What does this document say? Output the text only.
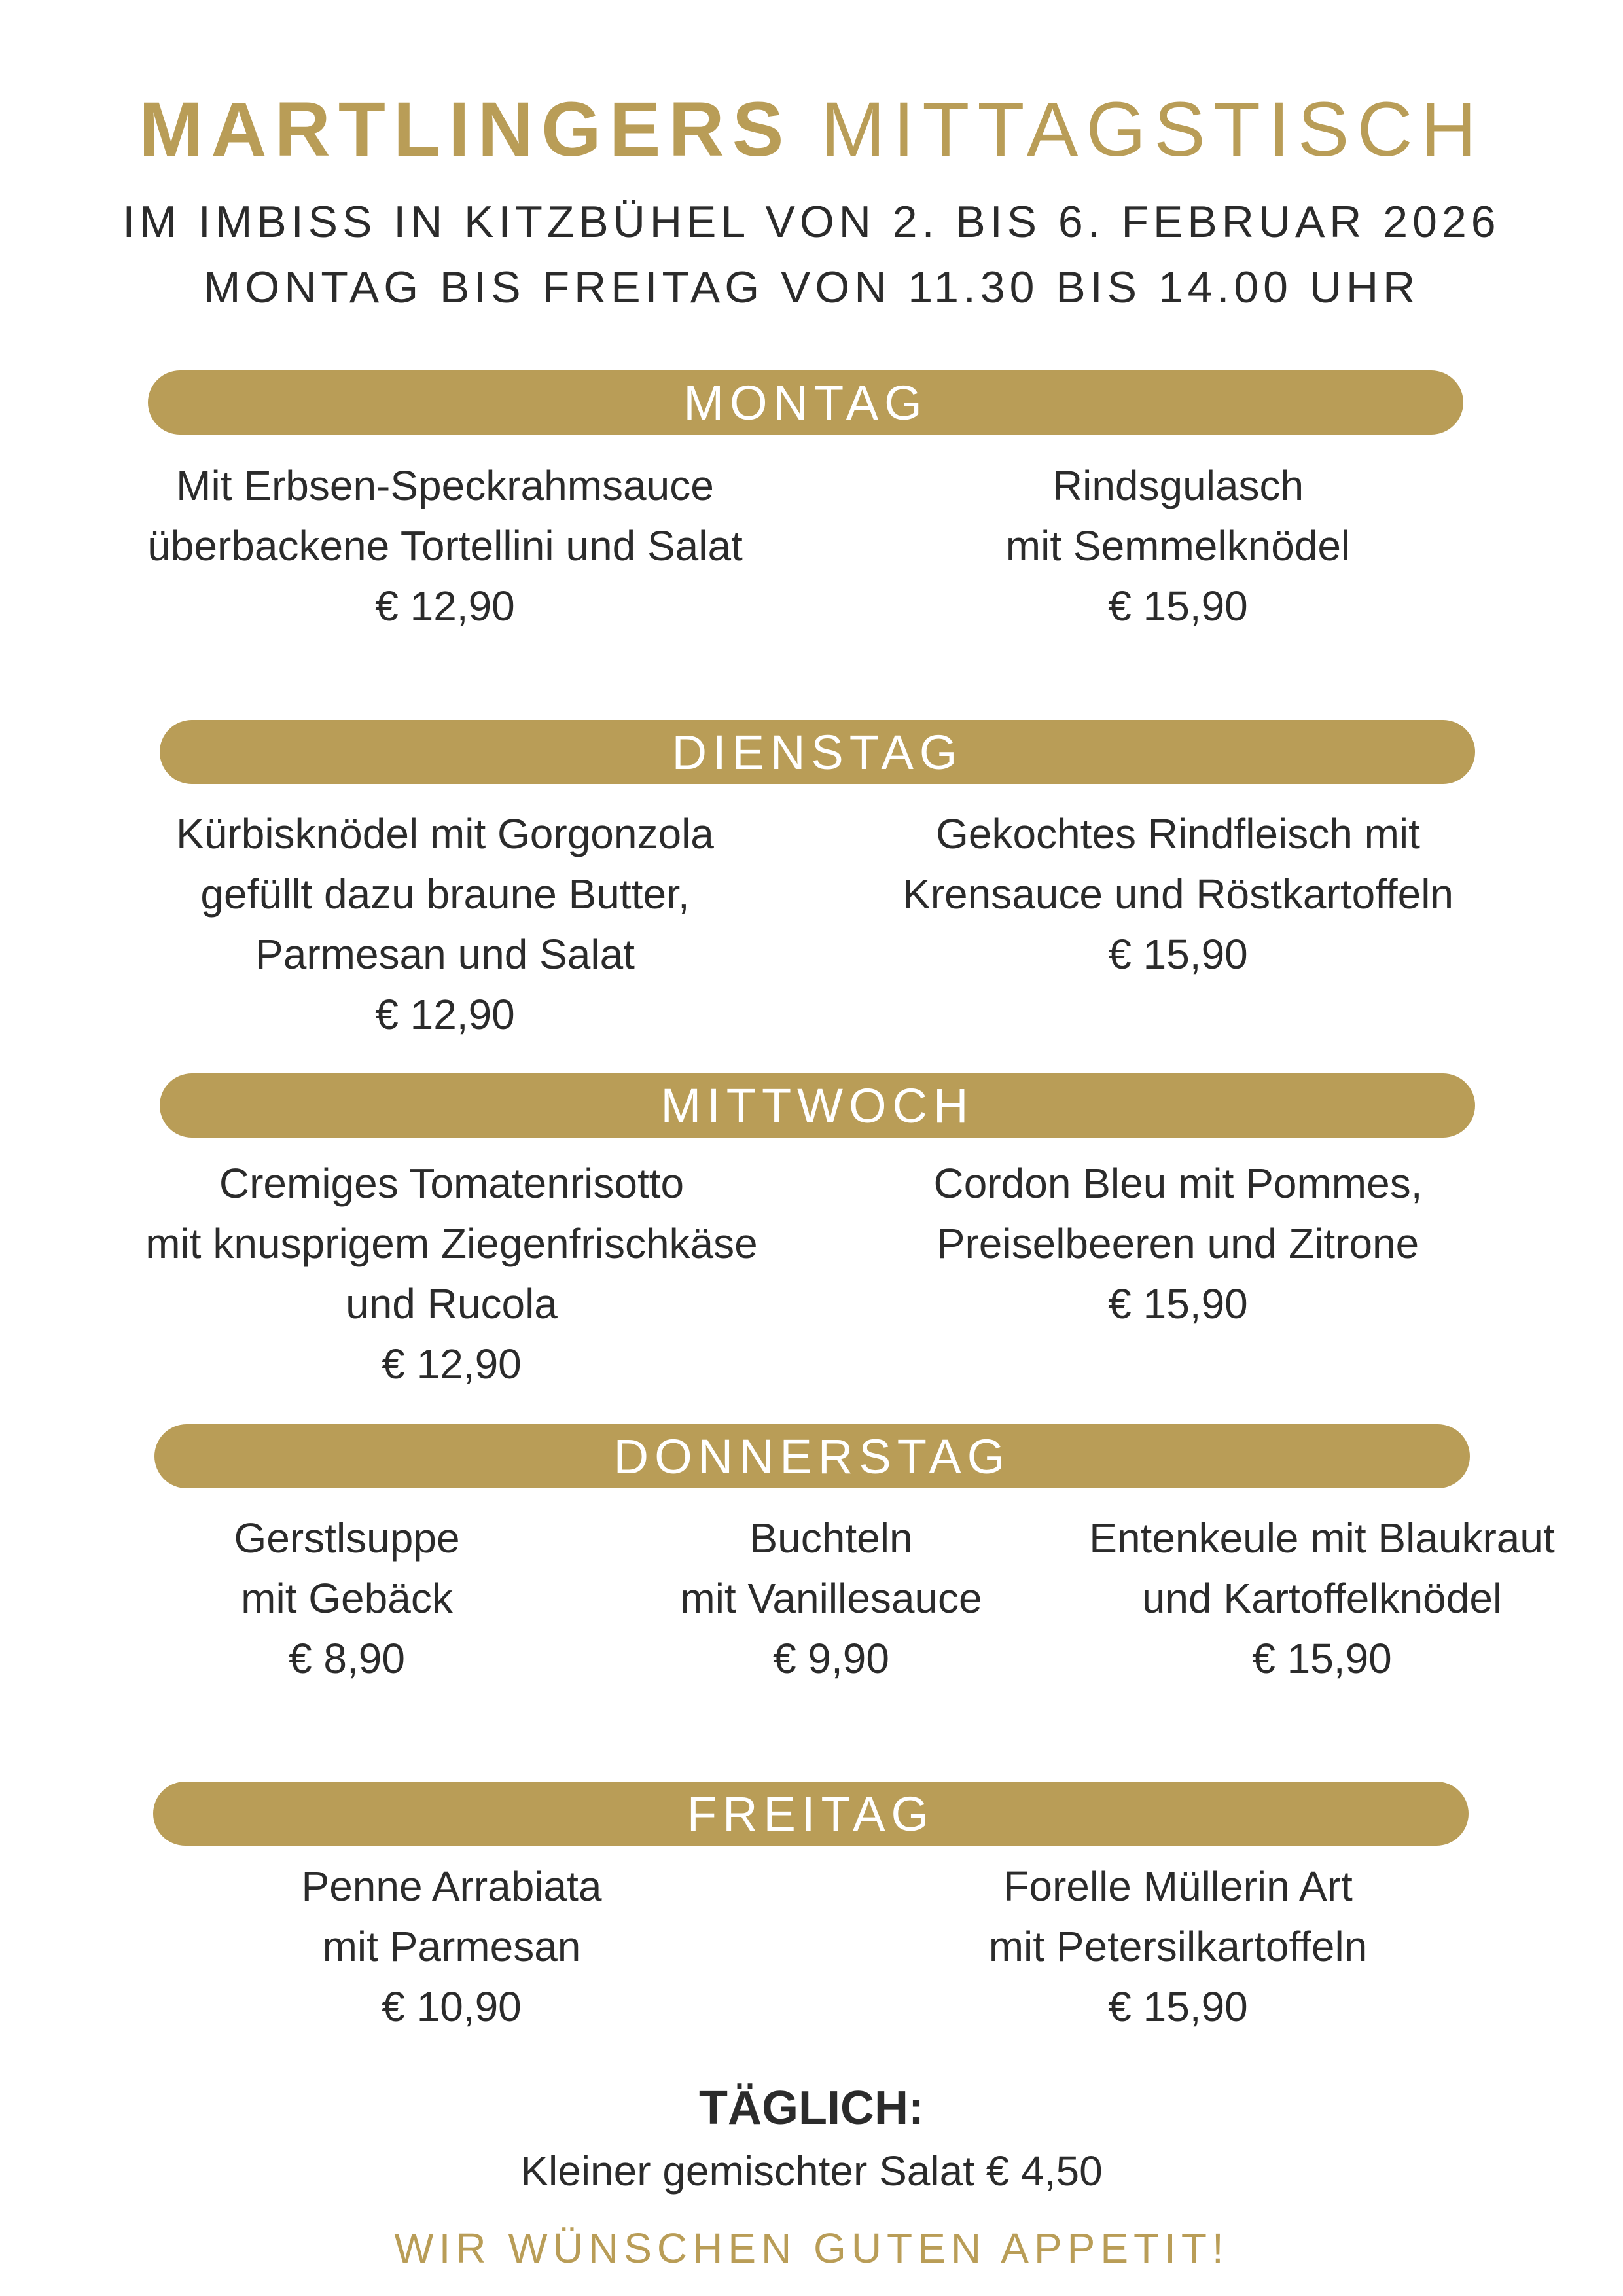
MARTLINGERS MITTAGSTISCH
IM IMBISS IN KITZBÜHEL VON 2. BIS 6. FEBRUAR 2026
MONTAG BIS FREITAG VON 11.30 BIS 14.00 UHR
MONTAG
Mit Erbsen-Speckrahmsauce
überbackene Tortellini und Salat
€ 12,90
Rindsgulasch
mit Semmelknödel
€ 15,90
DIENSTAG
Kürbisknödel mit Gorgonzola
gefüllt dazu braune Butter,
Parmesan und Salat
€ 12,90
Gekochtes Rindfleisch mit
Krensauce und Röstkartoffeln
€ 15,90
MITTWOCH
Cremiges Tomatenrisotto
mit knusprigem Ziegenfrischkäse
und Rucola
€ 12,90
Cordon Bleu mit Pommes,
Preiselbeeren und Zitrone
€ 15,90
DONNERSTAG
Gerstlsuppe
mit Gebäck
€ 8,90
Buchteln
mit Vanillesauce
€ 9,90
Entenkeule mit Blaukraut
und Kartoffelknödel
€ 15,90
FREITAG
Penne Arrabiata
mit Parmesan
€ 10,90
Forelle Müllerin Art
mit Petersilkartoffeln
€ 15,90
TÄGLICH:
Kleiner gemischter Salat € 4,50
WIR WÜNSCHEN GUTEN APPETIT!
